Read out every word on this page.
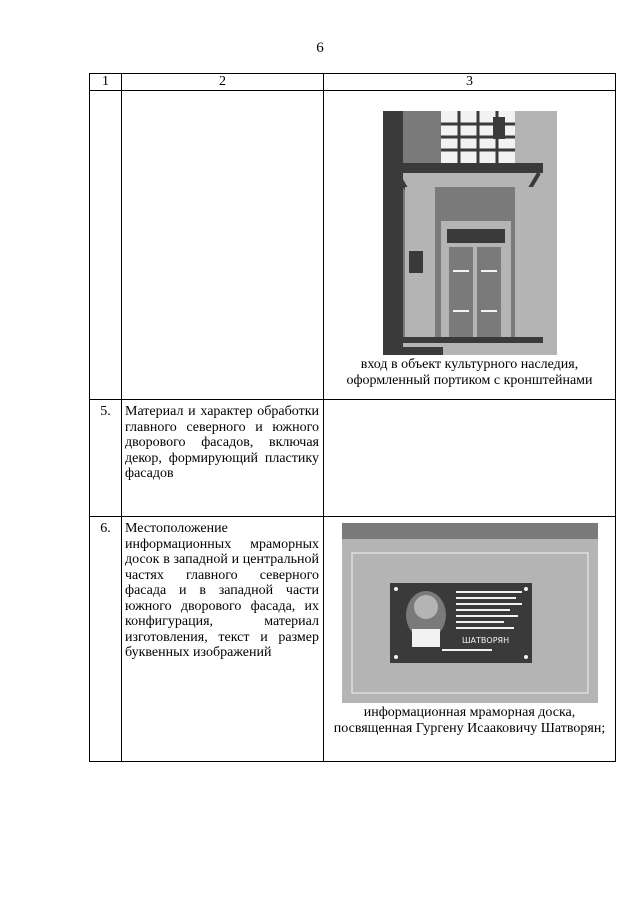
6
1	2	3

		вход в объект культурного наследия, оформленный портиком с кронштейнами

5.	Материал и характер обработки главного северного и южного дворового фасадов, включая декор, формирующий пластику фасадов	

6.	Местоположение информационных мраморных досок в западной и центральной частях главного северного фасада и в западной части южного дворового фасада, их конфигурация, материал изготовления, текст и размер буквенных изображений	ШАТВОРЯН
информационная мраморная доска, посвященная Гургену Исааковичу Шатворян;
